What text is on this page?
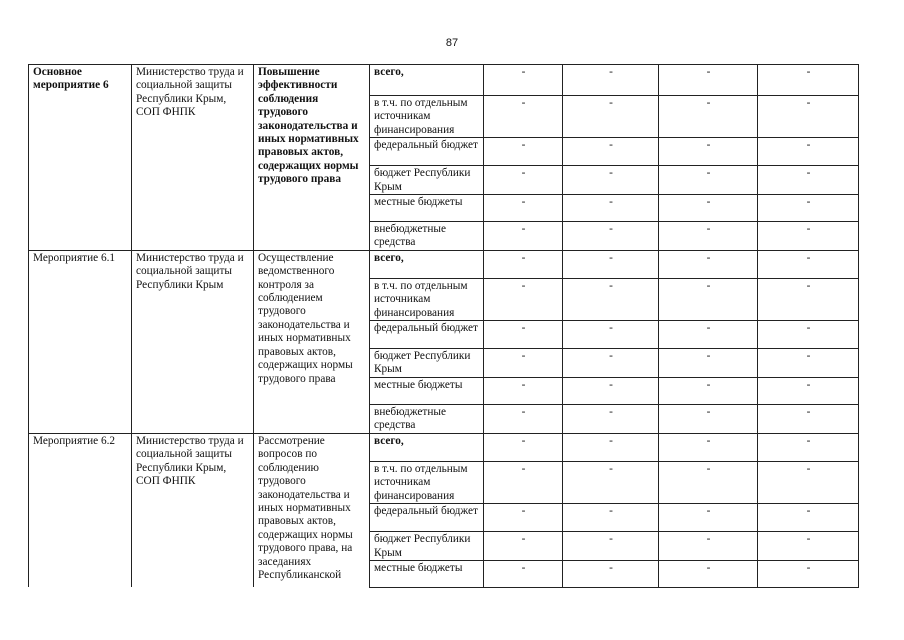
87
Основное мероприятие 6	Министерство труда и социальной защиты Республики Крым, СОП ФНПК	Повышение эффективности соблюдения трудового законодательства и иных нормативных правовых актов, содержащих нормы трудового права	всего,	-	-	-	-
			в т.ч. по отдельным источникам финансирования	-	-	-	-
			федеральный бюджет	-	-	-	-
			бюджет Республики Крым	-	-	-	-
			местные бюджеты	-	-	-	-
			внебюджетные средства	-	-	-	-
Мероприятие 6.1	Министерство труда и социальной защиты Республики Крым	Осуществление ведомственного контроля за соблюдением трудового законодательства и иных нормативных правовых актов, содержащих нормы трудового права	всего,	-	-	-	-
			в т.ч. по отдельным источникам финансирования	-	-	-	-
			федеральный бюджет	-	-	-	-
			бюджет Республики Крым	-	-	-	-
			местные бюджеты	-	-	-	-
			внебюджетные средства	-	-	-	-
Мероприятие 6.2	Министерство труда и социальной защиты Республики Крым, СОП ФНПК	Рассмотрение вопросов по соблюдению трудового законодательства и иных нормативных правовых актов, содержащих нормы трудового права, на заседаниях Республиканской	всего,	-	-	-	-
			в т.ч. по отдельным источникам финансирования	-	-	-	-
			федеральный бюджет	-	-	-	-
			бюджет Республики Крым	-	-	-	-
			местные бюджеты	-	-	-	-
